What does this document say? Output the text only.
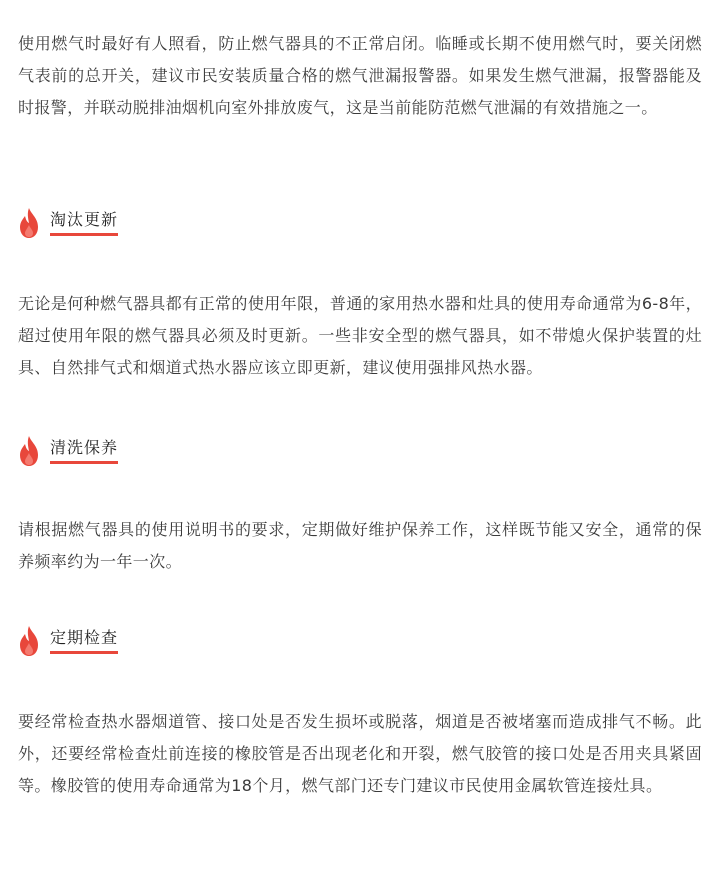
使用燃气时最好有人照看，防止燃气器具的不正常启闭。临睡或长期不使用燃气时，要关闭燃气表前的总开关，建议市民安装质量合格的燃气泄漏报警器。如果发生燃气泄漏，报警器能及时报警，并联动脱排油烟机向室外排放废气，这是当前能防范燃气泄漏的有效措施之一。

淘汰更新

无论是何种燃气器具都有正常的使用年限，普通的家用热水器和灶具的使用寿命通常为6-8年，超过使用年限的燃气器具必须及时更新。一些非安全型的燃气器具，如不带熄火保护装置的灶具、自然排气式和烟道式热水器应该立即更新，建议使用强排风热水器。

清洗保养

请根据燃气器具的使用说明书的要求，定期做好维护保养工作，这样既节能又安全，通常的保养频率约为一年一次。

定期检查

要经常检查热水器烟道管、接口处是否发生损坏或脱落，烟道是否被堵塞而造成排气不畅。此外，还要经常检查灶前连接的橡胶管是否出现老化和开裂，燃气胶管的接口处是否用夹具紧固等。橡胶管的使用寿命通常为18个月，燃气部门还专门建议市民使用金属软管连接灶具。
